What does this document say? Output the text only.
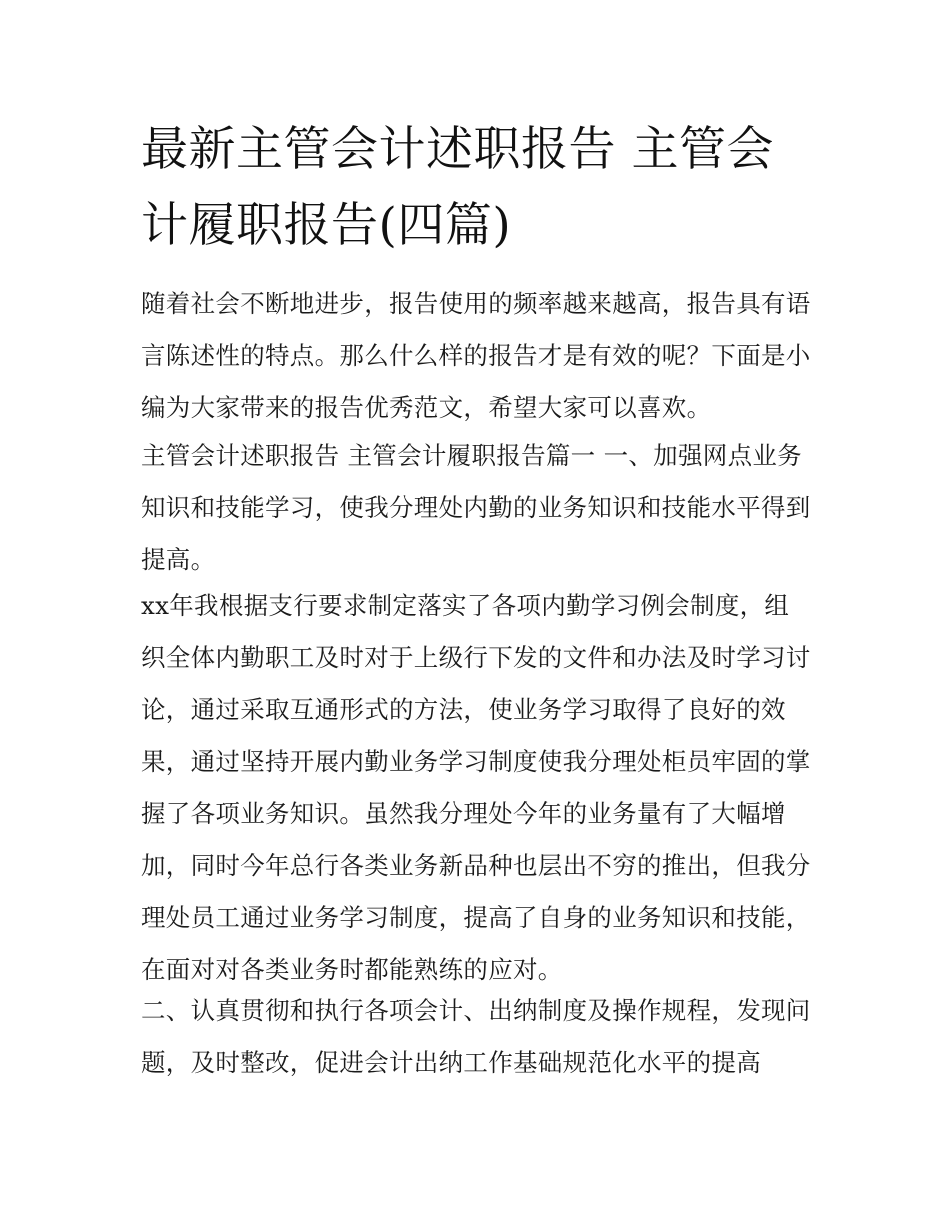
最新主管会计述职报告 主管会计履职报告(四篇)

随着社会不断地进步，报告使用的频率越来越高，报告具有语言陈述性的特点。那么什么样的报告才是有效的呢？下面是小编为大家带来的报告优秀范文，希望大家可以喜欢。

主管会计述职报告 主管会计履职报告篇一 一、加强网点业务知识和技能学习，使我分理处内勤的业务知识和技能水平得到提高。

xx年我根据支行要求制定落实了各项内勤学习例会制度，组织全体内勤职工及时对于上级行下发的文件和办法及时学习讨论，通过采取互通形式的方法，使业务学习取得了良好的效果，通过坚持开展内勤业务学习制度使我分理处柜员牢固的掌握了各项业务知识。虽然我分理处今年的业务量有了大幅增加，同时今年总行各类业务新品种也层出不穷的推出，但我分理处员工通过业务学习制度，提高了自身的业务知识和技能，在面对对各类业务时都能熟练的应对。

二、认真贯彻和执行各项会计、出纳制度及操作规程，发现问题，及时整改，促进会计出纳工作基础规范化水平的提高
